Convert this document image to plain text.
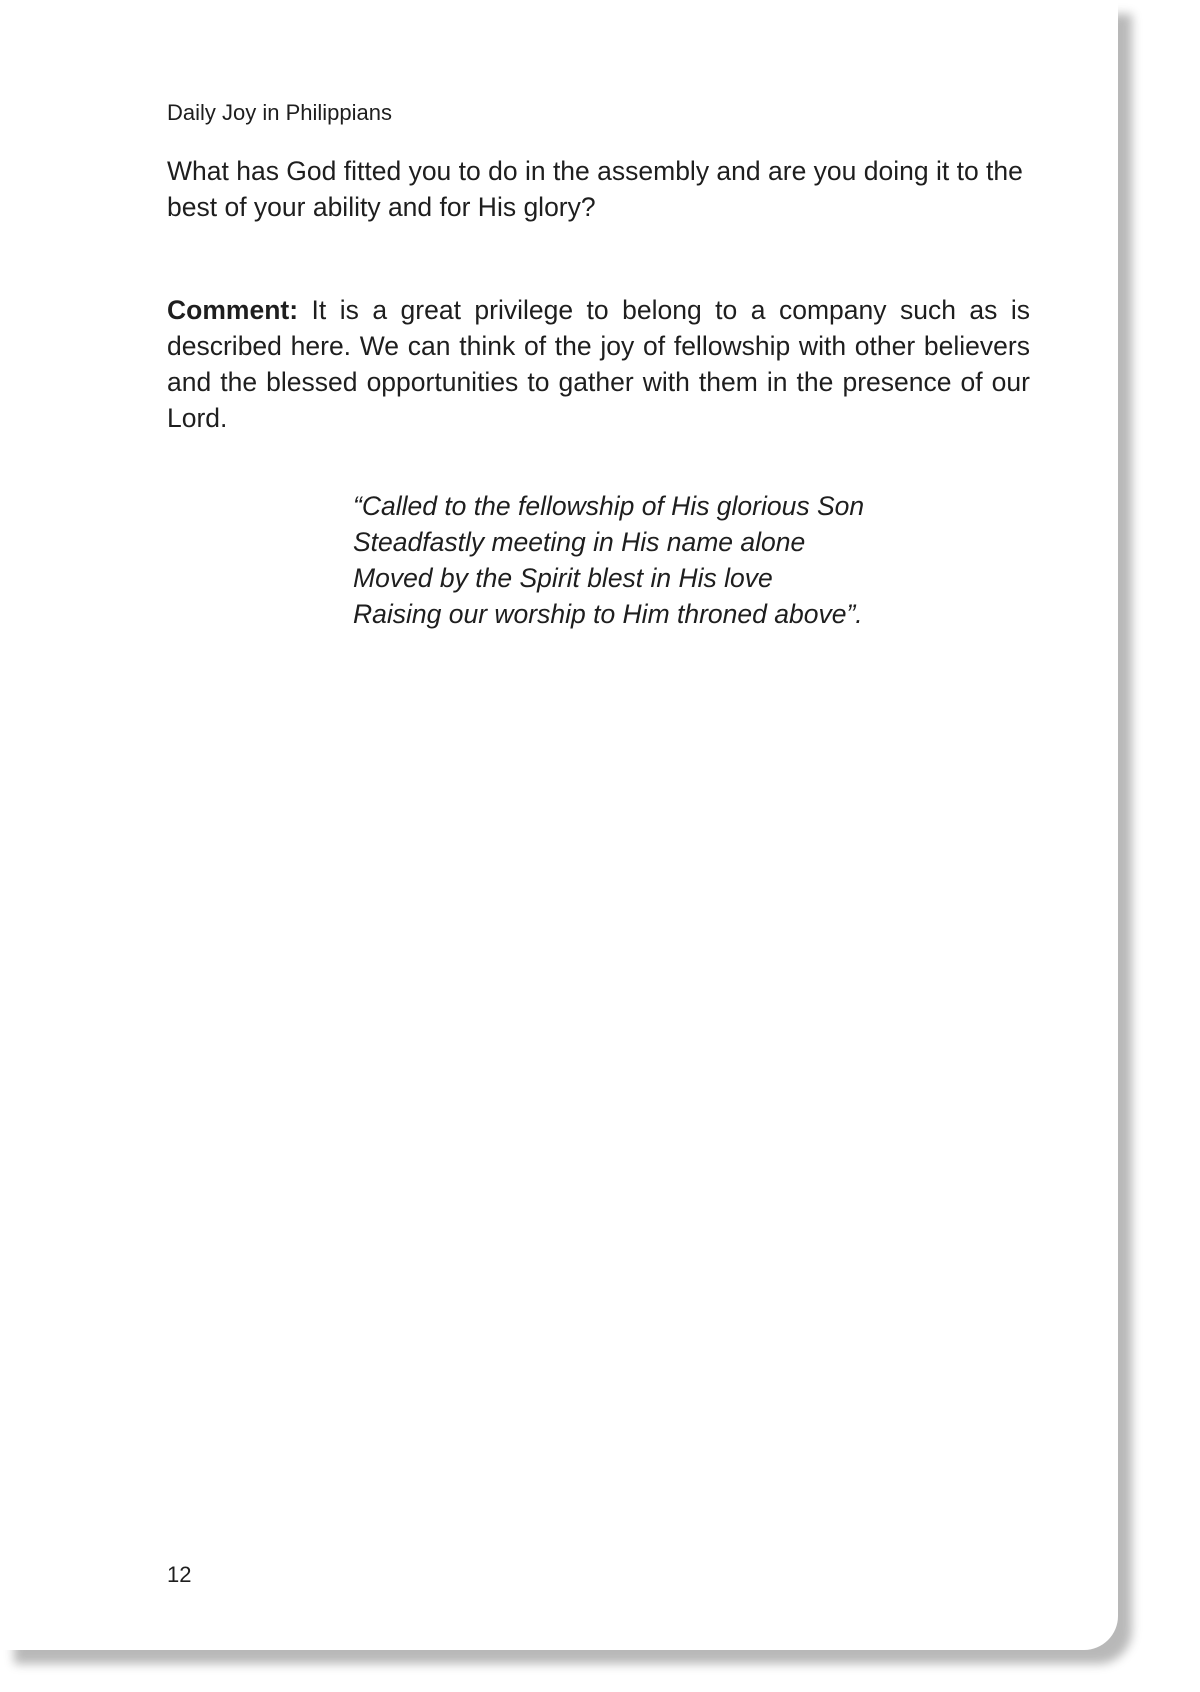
Daily Joy in Philippians

What has God fitted you to do in the assembly and are you doing it to the best of your ability and for His glory?

Comment: It is a great privilege to belong to a company such as is described here. We can think of the joy of fellowship with other believers and the blessed opportunities to gather with them in the presence of our Lord.

“Called to the fellowship of His glorious Son
Steadfastly meeting in His name alone
Moved by the Spirit blest in His love
Raising our worship to Him throned above”.
12
